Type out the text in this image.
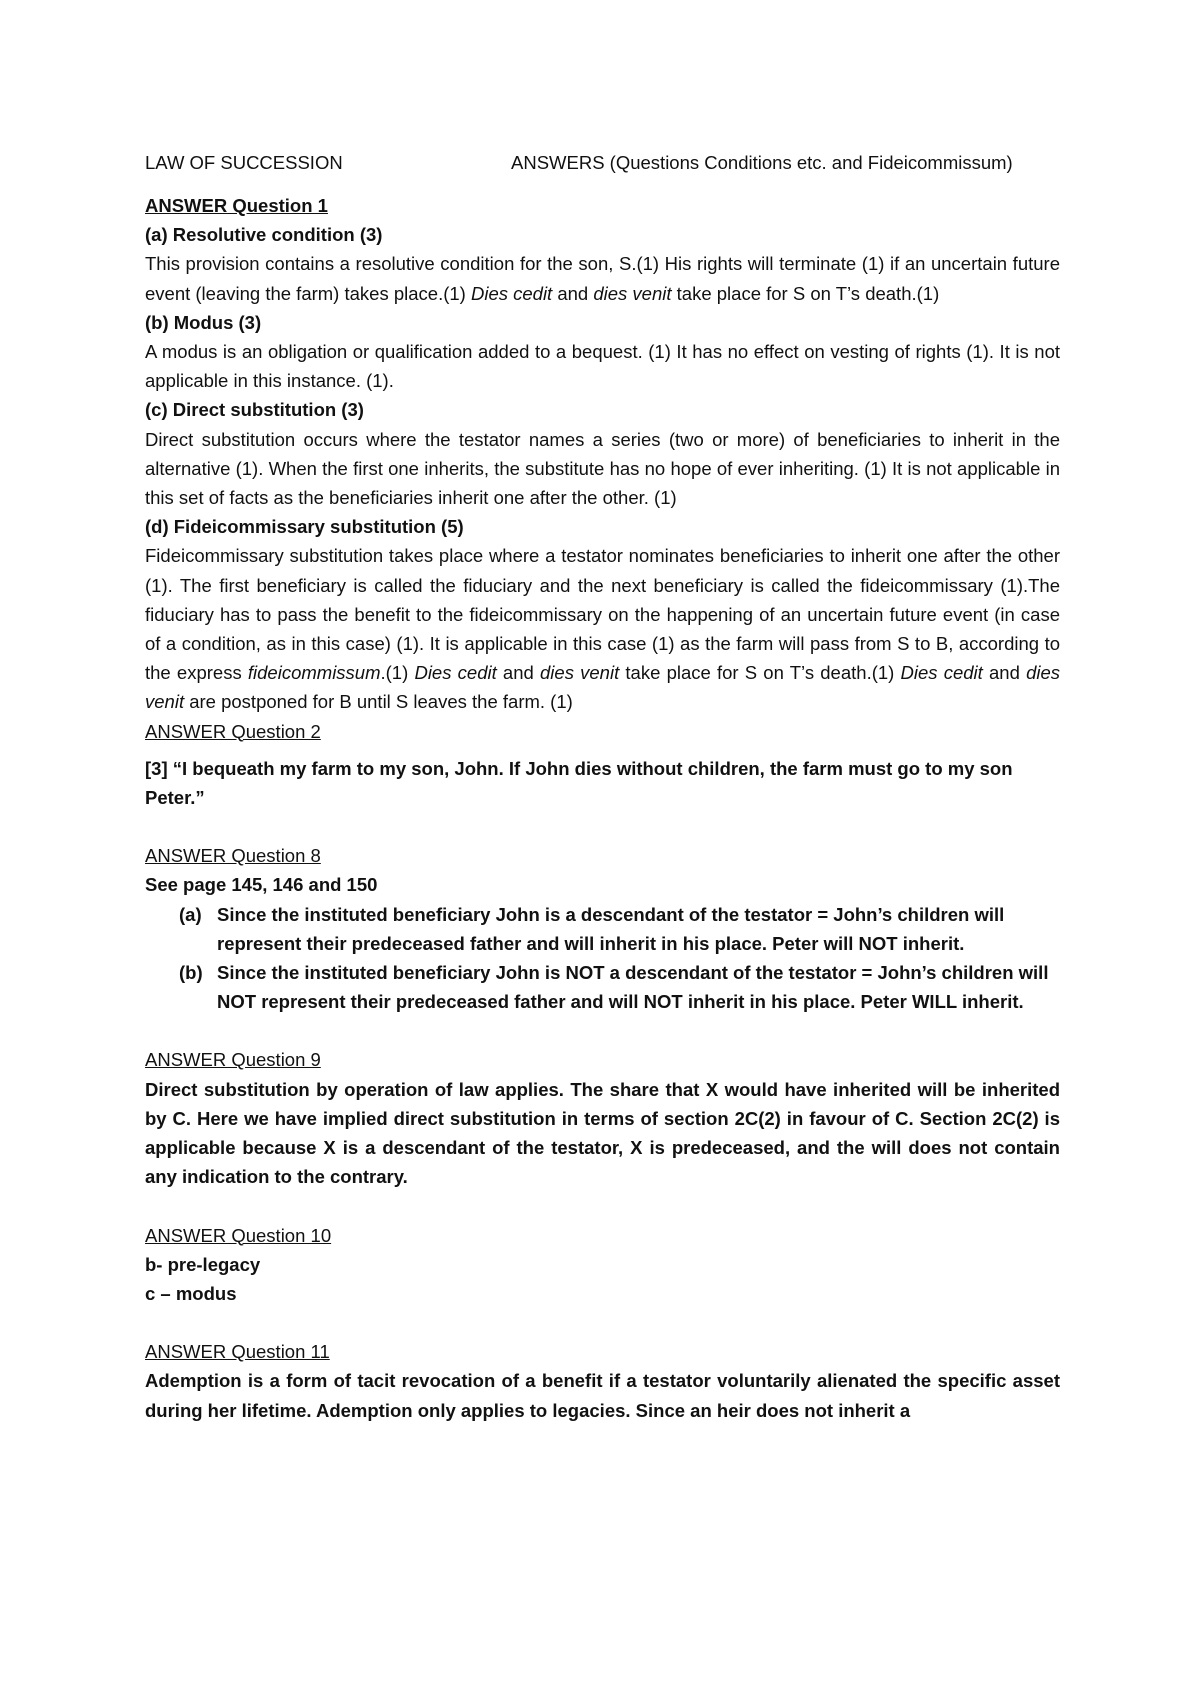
LAW OF SUCCESSION	ANSWERS (Questions Conditions etc. and Fideicommissum)
ANSWER Question 1
(a) Resolutive condition (3)
This provision contains a resolutive condition for the son, S.(1) His rights will terminate (1) if an uncertain future event (leaving the farm) takes place.(1) Dies cedit and dies venit take place for S on T’s death.(1)
(b) Modus (3)
A modus is an obligation or qualification added to a bequest. (1) It has no effect on vesting of rights (1). It is not applicable in this instance. (1).
(c) Direct substitution (3)
Direct substitution occurs where the testator names a series (two or more) of beneficiaries to inherit in the alternative (1). When the first one inherits, the substitute has no hope of ever inheriting. (1) It is not applicable in this set of facts as the beneficiaries inherit one after the other. (1)
(d) Fideicommissary substitution (5)
Fideicommissary substitution takes place where a testator nominates beneficiaries to inherit one after the other (1). The first beneficiary is called the fiduciary and the next beneficiary is called the fideicommissary (1).The fiduciary has to pass the benefit to the fideicommissary on the happening of an uncertain future event (in case of a condition, as in this case) (1). It is applicable in this case (1) as the farm will pass from S to B, according to the express fideicommissum.(1) Dies cedit and dies venit take place for S on T’s death.(1) Dies cedit and dies venit are postponed for B until S leaves the farm. (1)
ANSWER Question 2
[3] “I bequeath my farm to my son, John. If John dies without children, the farm must go to my son Peter.”
ANSWER Question 8
See page 145, 146 and 150
(a) Since the instituted beneficiary John is a descendant of the testator = John’s children will represent their predeceased father and will inherit in his place. Peter will NOT inherit.
(b) Since the instituted beneficiary John is NOT a descendant of the testator = John’s children will NOT represent their predeceased father and will NOT inherit in his place. Peter WILL inherit.
ANSWER Question 9
Direct substitution by operation of law applies. The share that X would have inherited will be inherited by C. Here we have implied direct substitution in terms of section 2C(2) in favour of C. Section 2C(2) is applicable because X is a descendant of the testator, X is predeceased, and the will does not contain any indication to the contrary.
ANSWER Question 10
b- pre-legacy
c – modus
ANSWER Question 11
Ademption is a form of tacit revocation of a benefit if a testator voluntarily alienated the specific asset during her lifetime. Ademption only applies to legacies. Since an heir does not inherit a
